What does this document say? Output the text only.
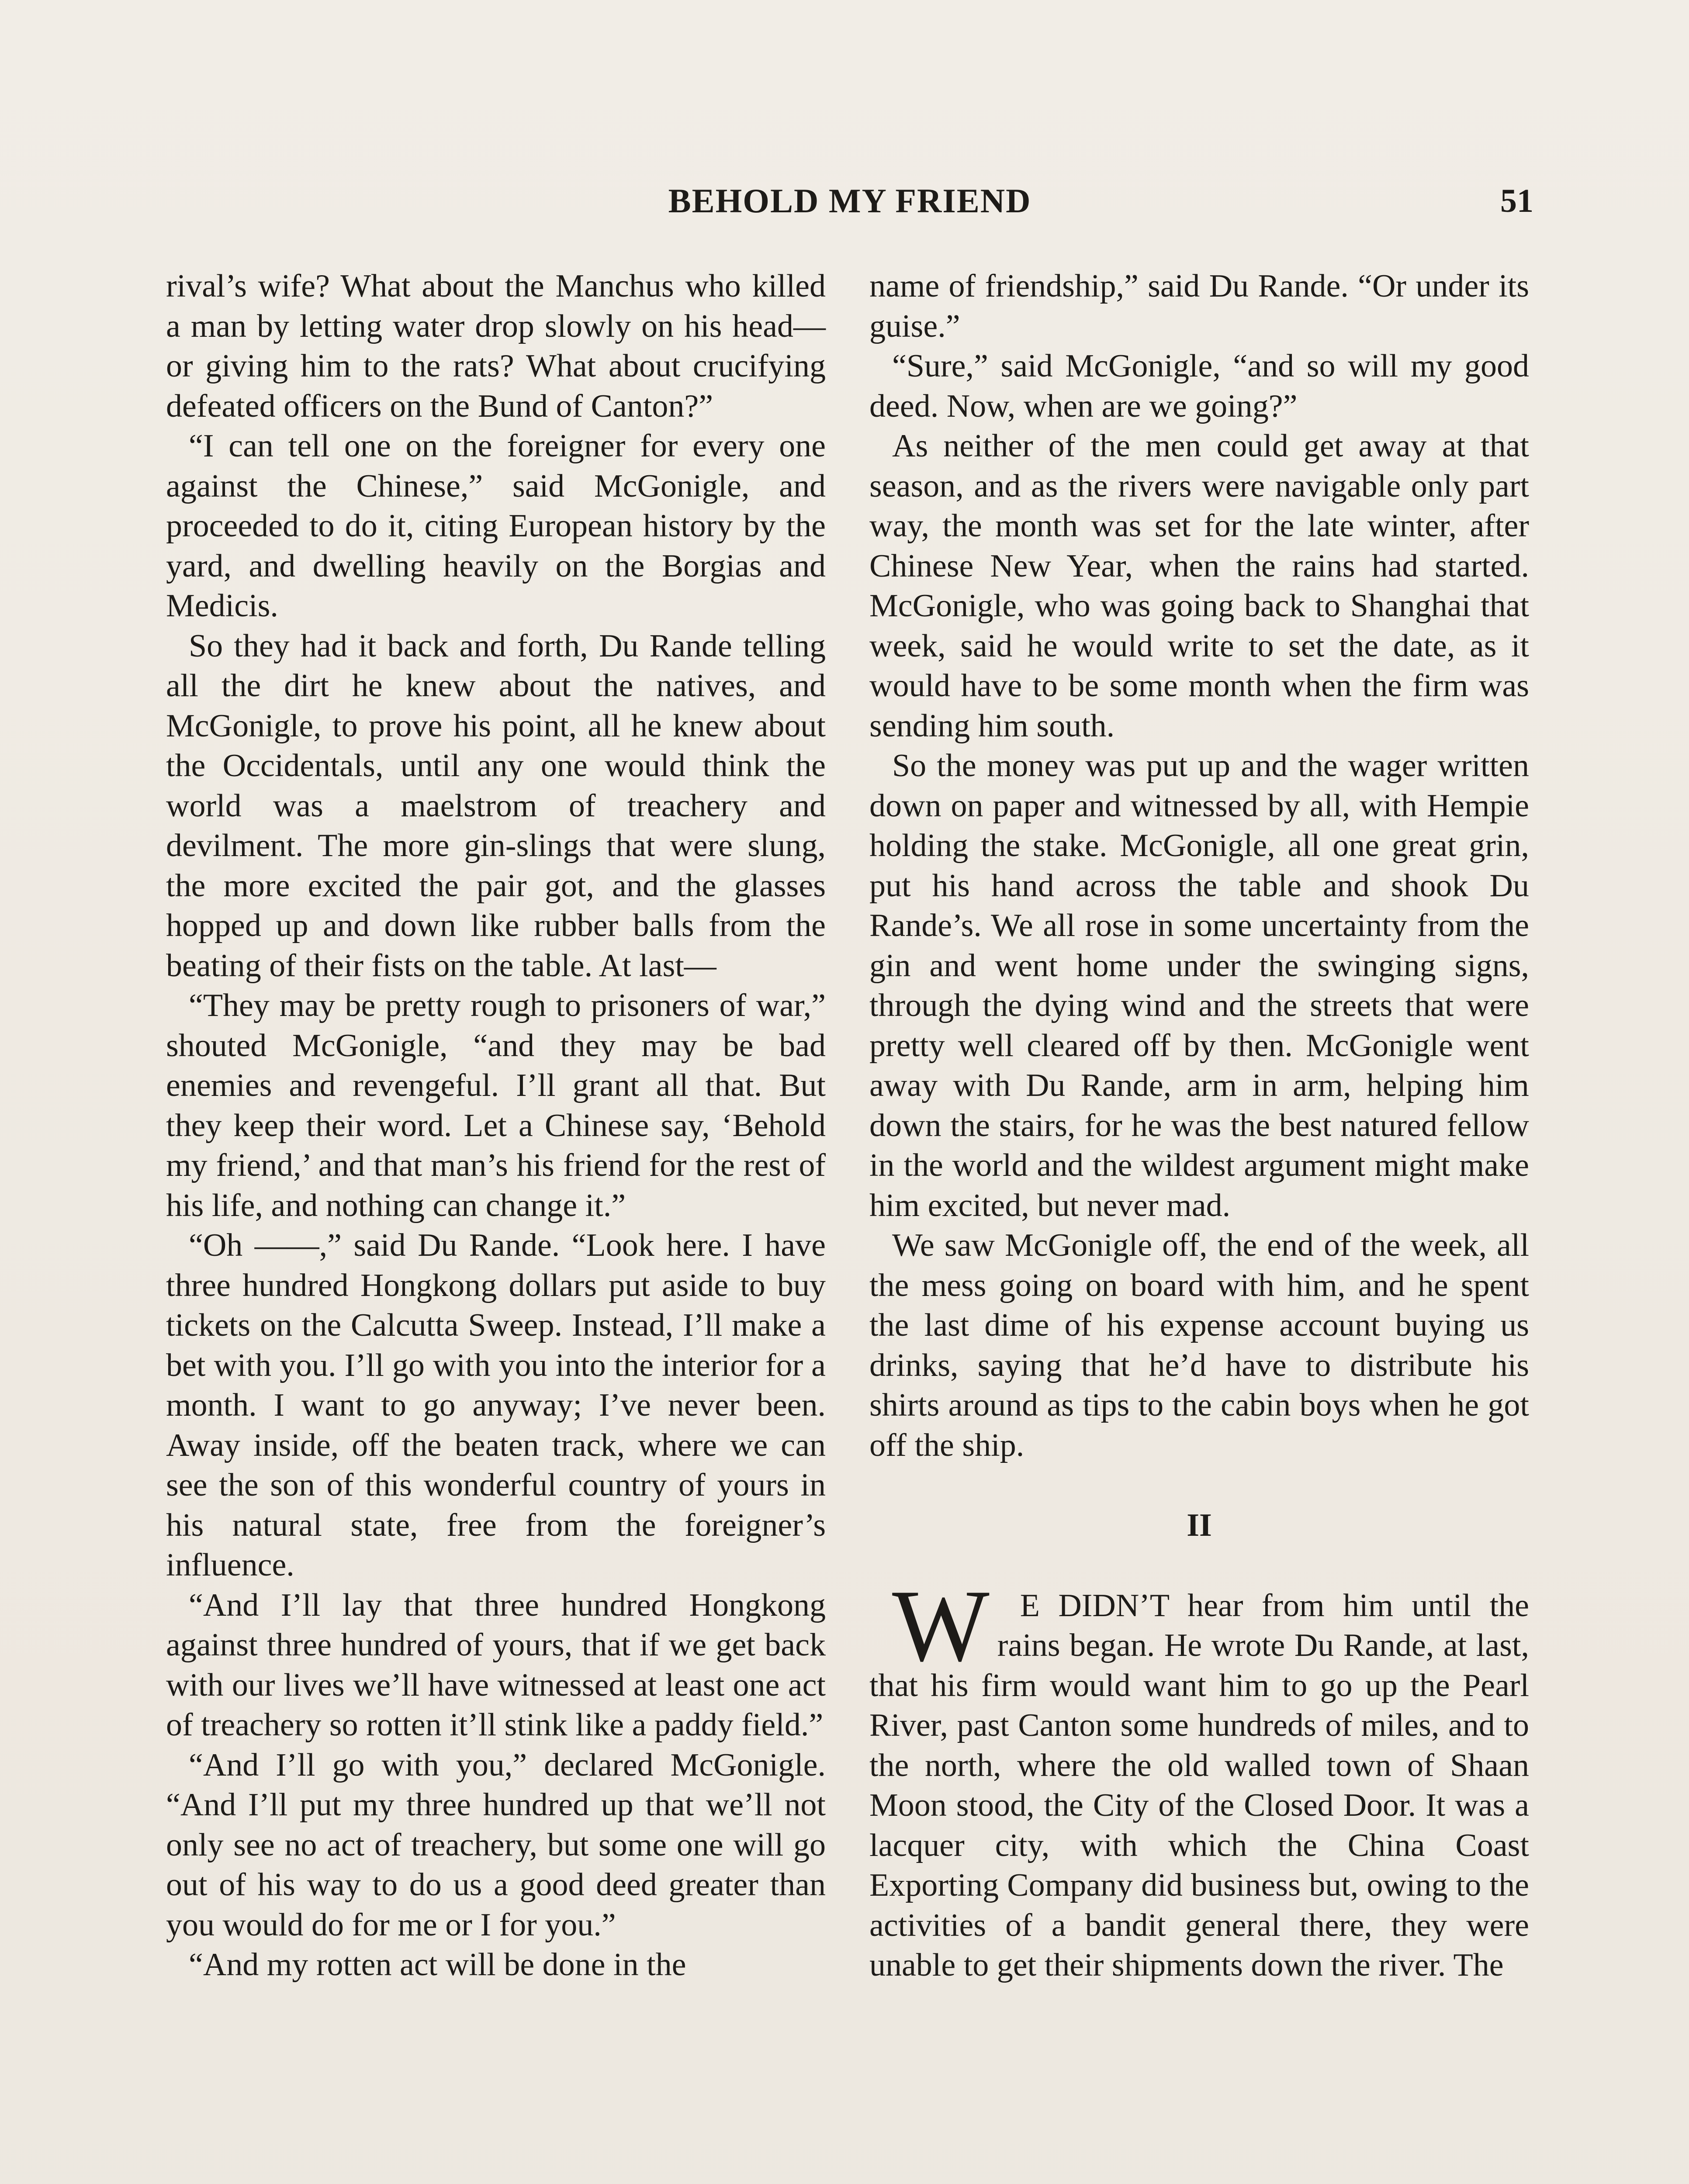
BEHOLD MY FRIEND	51

rival’s wife? What about the Manchus who killed a man by letting water drop slowly on his head—or giving him to the rats? What about crucifying defeated officers on the Bund of Canton?”

“I can tell one on the foreigner for every one against the Chinese,” said McGonigle, and proceeded to do it, citing European history by the yard, and dwelling heavily on the Borgias and Medicis.

So they had it back and forth, Du Rande telling all the dirt he knew about the natives, and McGonigle, to prove his point, all he knew about the Occidentals, until any one would think the world was a maelstrom of treachery and devilment. The more gin-slings that were slung, the more excited the pair got, and the glasses hopped up and down like rubber balls from the beating of their fists on the table. At last—

“They may be pretty rough to prisoners of war,” shouted McGonigle, “and they may be bad enemies and revengeful. I’ll grant all that. But they keep their word. Let a Chinese say, ‘Behold my friend,’ and that man’s his friend for the rest of his life, and nothing can change it.”

“Oh ——,” said Du Rande. “Look here. I have three hundred Hongkong dollars put aside to buy tickets on the Calcutta Sweep. Instead, I’ll make a bet with you. I’ll go with you into the interior for a month. I want to go anyway; I’ve never been. Away inside, off the beaten track, where we can see the son of this wonderful country of yours in his natural state, free from the foreigner’s influence.

“And I’ll lay that three hundred Hongkong against three hundred of yours, that if we get back with our lives we’ll have witnessed at least one act of treachery so rotten it’ll stink like a paddy field.”

“And I’ll go with you,” declared McGonigle. “And I’ll put my three hundred up that we’ll not only see no act of treachery, but some one will go out of his way to do us a good deed greater than you would do for me or I for you.”

“And my rotten act will be done in the

name of friendship,” said Du Rande. “Or under its guise.”

“Sure,” said McGonigle, “and so will my good deed. Now, when are we going?”

As neither of the men could get away at that season, and as the rivers were navigable only part way, the month was set for the late winter, after Chinese New Year, when the rains had started. McGonigle, who was going back to Shanghai that week, said he would write to set the date, as it would have to be some month when the firm was sending him south.

So the money was put up and the wager written down on paper and witnessed by all, with Hempie holding the stake. McGonigle, all one great grin, put his hand across the table and shook Du Rande’s. We all rose in some uncertainty from the gin and went home under the swinging signs, through the dying wind and the streets that were pretty well cleared off by then. McGonigle went away with Du Rande, arm in arm, helping him down the stairs, for he was the best natured fellow in the world and the wildest argument might make him excited, but never mad.

We saw McGonigle off, the end of the week, all the mess going on board with him, and he spent the last dime of his expense account buying us drinks, saying that he’d have to distribute his shirts around as tips to the cabin boys when he got off the ship.

II

W E DIDN’T hear from him until the rains began. He wrote Du Rande, at last, that his firm would want him to go up the Pearl River, past Canton some hundreds of miles, and to the north, where the old walled town of Shaan Moon stood, the City of the Closed Door. It was a lacquer city, with which the China Coast Exporting Company did business but, owing to the activities of a bandit general there, they were unable to get their shipments down the river. The
